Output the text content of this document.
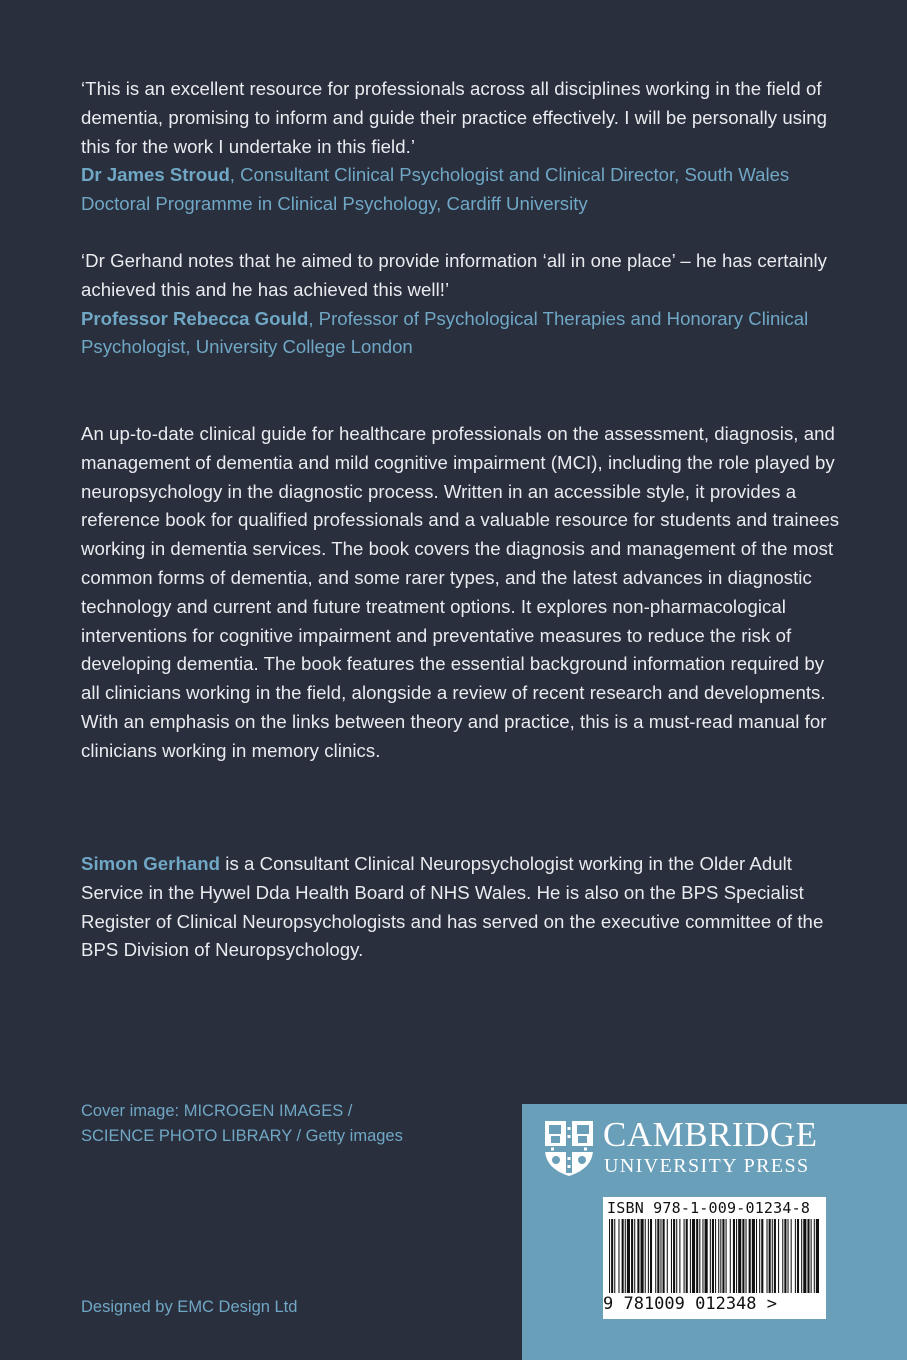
‘This is an excellent resource for professionals across all disciplines working in the field of dementia, promising to inform and guide their practice effectively. I will be personally using this for the work I undertake in this field.’
Dr James Stroud, Consultant Clinical Psychologist and Clinical Director, South Wales Doctoral Programme in Clinical Psychology, Cardiff University
‘Dr Gerhand notes that he aimed to provide information ‘all in one place’ – he has certainly achieved this and he has achieved this well!’
Professor Rebecca Gould, Professor of Psychological Therapies and Honorary Clinical Psychologist, University College London
An up-to-date clinical guide for healthcare professionals on the assessment, diagnosis, and management of dementia and mild cognitive impairment (MCI), including the role played by neuropsychology in the diagnostic process. Written in an accessible style, it provides a reference book for qualified professionals and a valuable resource for students and trainees working in dementia services. The book covers the diagnosis and management of the most common forms of dementia, and some rarer types, and the latest advances in diagnostic technology and current and future treatment options. It explores non-pharmacological interventions for cognitive impairment and preventative measures to reduce the risk of developing dementia. The book features the essential background information required by all clinicians working in the field, alongside a review of recent research and developments. With an emphasis on the links between theory and practice, this is a must-read manual for clinicians working in memory clinics.
Simon Gerhand is a Consultant Clinical Neuropsychologist working in the Older Adult Service in the Hywel Dda Health Board of NHS Wales. He is also on the BPS Specialist Register of Clinical Neuropsychologists and has served on the executive committee of the BPS Division of Neuropsychology.
Cover image: MICROGEN IMAGES /
SCIENCE PHOTO LIBRARY / Getty images
Designed by EMC Design Ltd
CAMBRIDGE
UNIVERSITY PRESS
ISBN 978-1-009-01234-8
9 781009 012348 >
